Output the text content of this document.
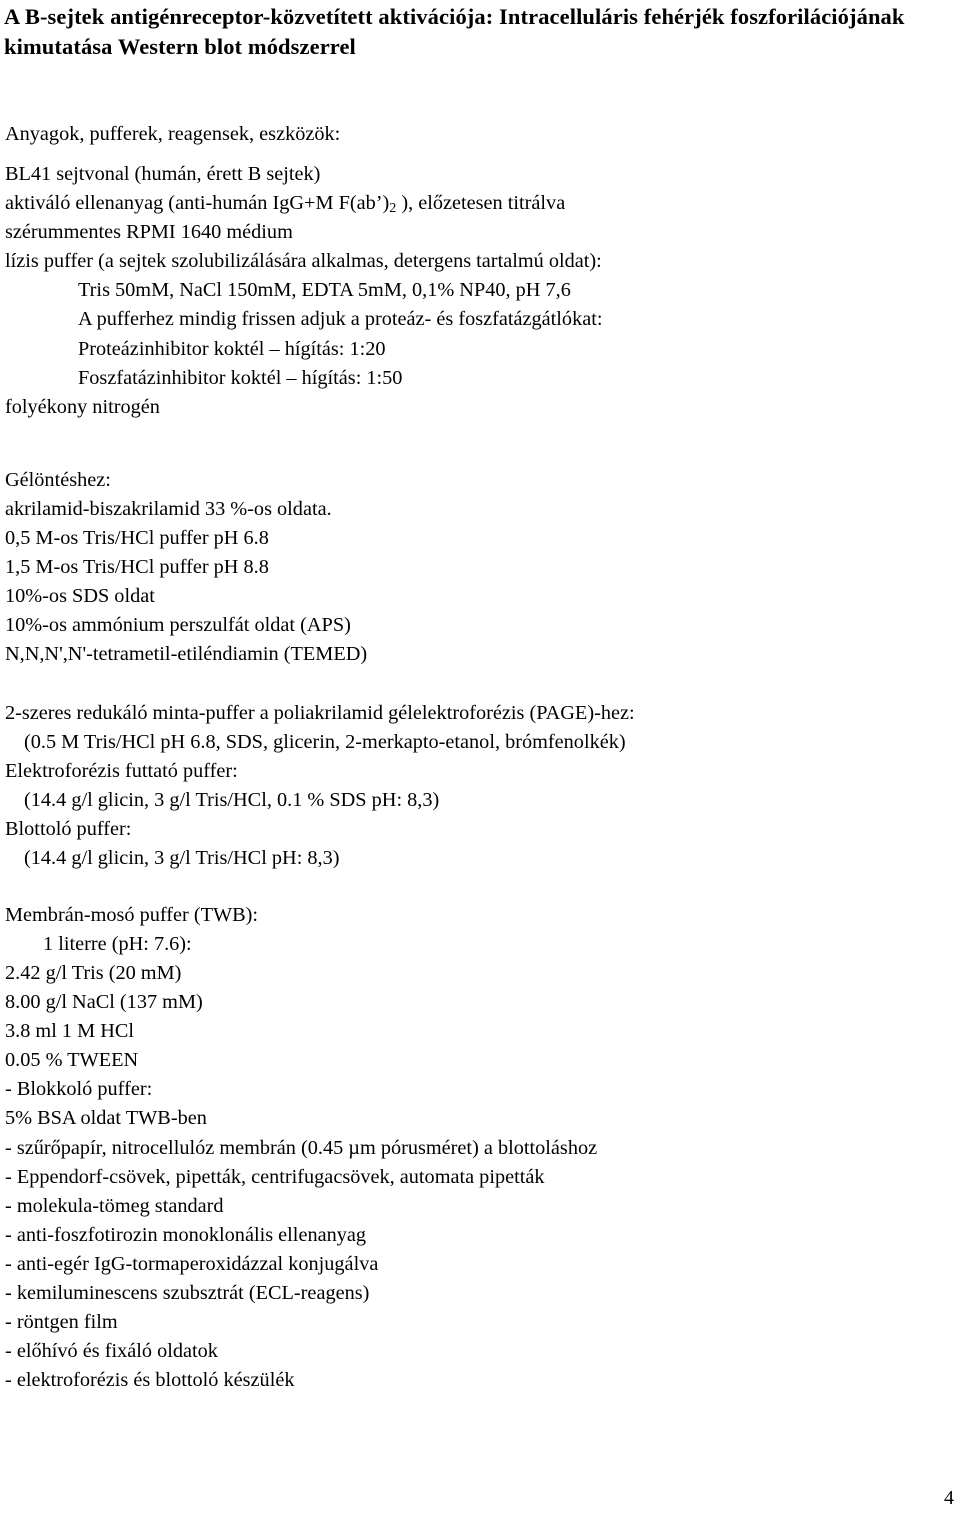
A B-sejtek antigénreceptor-közvetített aktivációja: Intracelluláris fehérjék foszforilációjának kimutatása Western blot módszerrel
Anyagok, pufferek, reagensek, eszközök:
BL41 sejtvonal (humán, érett B sejtek)
aktiváló ellenanyag (anti-humán IgG+M $F(ab’)_2$ ), előzetesen titrálva
szérummentes RPMI 1640 médium
lízis puffer (a sejtek szolubilizálására alkalmas, detergens tartalmú oldat):
Tris 50mM, NaCl 150mM, EDTA 5mM, 0,1% NP40, pH 7,6
A pufferhez mindig frissen adjuk a proteáz- és foszfatázgátlókat:
Proteázinhibitor koktél – hígítás: 1:20
Foszfatázinhibitor koktél – hígítás: 1:50
folyékony nitrogén
Gélöntéshez:
akrilamid-biszakrilamid 33 %-os oldata.
0,5 M-os Tris/HCl puffer pH 6.8
1,5 M-os Tris/HCl puffer pH 8.8
10%-os SDS oldat
10%-os ammónium perszulfát oldat (APS)
N,N,N',N'-tetrametil-etiléndiamin (TEMED)
2-szeres redukáló minta-puffer a poliakrilamid gélelektroforézis (PAGE)-hez:
(0.5 M Tris/HCl pH 6.8, SDS, glicerin, 2-merkapto-etanol, brómfenolkék)
Elektroforézis futtató puffer:
(14.4 g/l glicin, 3 g/l Tris/HCl, 0.1 % SDS pH: 8,3)
Blottoló puffer:
(14.4 g/l glicin, 3 g/l Tris/HCl pH: 8,3)
Membrán-mosó puffer (TWB):
1 literre (pH: 7.6):
2.42 g/l Tris (20 mM)
8.00 g/l NaCl (137 mM)
3.8 ml 1 M HCl
0.05 % TWEEN
- Blokkoló puffer:
5% BSA oldat TWB-ben
- szűrőpapír, nitrocellulóz membrán (0.45 µm pórusméret) a blottoláshoz
- Eppendorf-csövek, pipetták, centrifugacsövek, automata pipetták
- molekula-tömeg standard
- anti-foszfotirozin monoklonális ellenanyag
- anti-egér IgG-tormaperoxidázzal konjugálva
- kemiluminescens szubsztrát (ECL-reagens)
- röntgen film
- előhívó és fixáló oldatok
- elektroforézis és blottoló készülék
4
